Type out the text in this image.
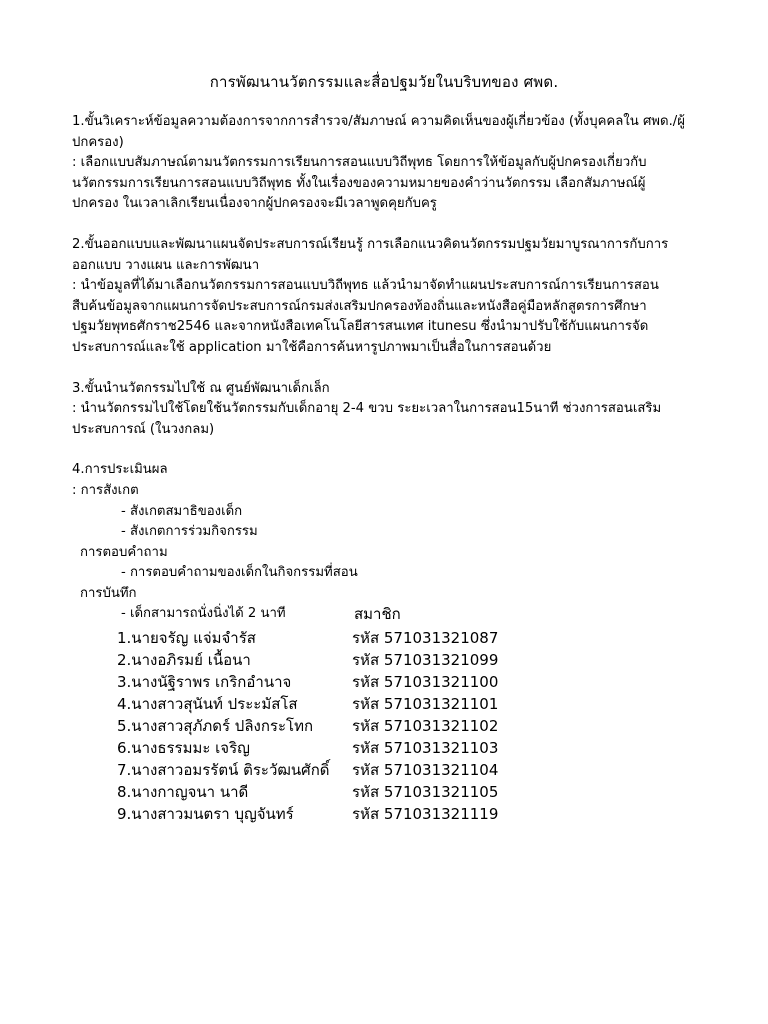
การพัฒนานวัตกรรมและสื่อปฐมวัยในบริบทของ ศพด.
1.ขั้นวิเคราะห์ข้อมูลความต้องการจากการสำรวจ/สัมภาษณ์ ความคิดเห็นของผู้เกี่ยวข้อง (ทั้งบุคคลใน ศพด./ผู้
ปกครอง)
: เลือกแบบสัมภาษณ์ตามนวัตกรรมการเรียนการสอนแบบวิถีพุทธ โดยการให้ข้อมูลกับผู้ปกครองเกี่ยวกับ
นวัตกรรมการเรียนการสอนแบบวิถีพุทธ ทั้งในเรื่องของความหมายของคำว่านวัตกรรม เลือกสัมภาษณ์ผู้
ปกครอง ในเวลาเลิกเรียนเนื่องจากผู้ปกครองจะมีเวลาพูดคุยกับครู
2.ขั้นออกแบบและพัฒนาแผนจัดประสบการณ์เรียนรู้ การเลือกแนวคิดนวัตกรรมปฐมวัยมาบูรณาการกับการ
ออกแบบ วางแผน และการพัฒนา
: นำข้อมูลที่ได้มาเลือกนวัตกรรมการสอนแบบวิถีพุทธ แล้วนำมาจัดทำแผนประสบการณ์การเรียนการสอน
สืบค้นข้อมูลจากแผนการจัดประสบการณ์กรมส่งเสริมปกครองท้องถิ่นและหนังสือคู่มือหลักสูตรการศึกษา
ปฐมวัยพุทธศักราช2546 และจากหนังสือเทคโนโลยีสารสนเทศ itunesu ซึ่งนำมาปรับใช้กับแผนการจัด
ประสบการณ์และใช้ application มาใช้คือการค้นหารูปภาพมาเป็นสื่อในการสอนด้วย
3.ขั้นนำนวัตกรรมไปใช้ ณ ศูนย์พัฒนาเด็กเล็ก
: นำนวัตกรรมไปใช้โดยใช้นวัตกรรมกับเด็กอายุ 2-4 ขวบ ระยะเวลาในการสอน15นาที ช่วงการสอนเสริม
ประสบการณ์ (ในวงกลม)
4.การประเมินผล
: การสังเกต
- สังเกตสมาธิของเด็ก
- สังเกตการร่วมกิจกรรม
การตอบคำถาม
- การตอบคำถามของเด็กในกิจกรรมที่สอน
การบันทึก
- เด็กสามารถนั่งนิ่งได้ 2 นาที	สมาชิก
1.นายจรัญ แจ่มจำรัส	รหัส 571031321087
2.นางอภิรมย์ เนื้อนา	รหัส 571031321099
3.นางนัฐิราพร เกริกอำนาจ	รหัส 571031321100
4.นางสาวสุนันท์ ประะมัสโส	รหัส 571031321101
5.นางสาวสุภัภดร์ ปลิงกระโทก	รหัส 571031321102
6.นางธรรมมะ เจริญ	รหัส 571031321103
7.นางสาวอมรรัตน์ ติระวัฒนศักดิ์ รหัส 571031321104
8.นางกาญจนา นาดี	รหัส 571031321105
9.นางสาวมนตรา บุญจันทร์	รหัส 571031321119
